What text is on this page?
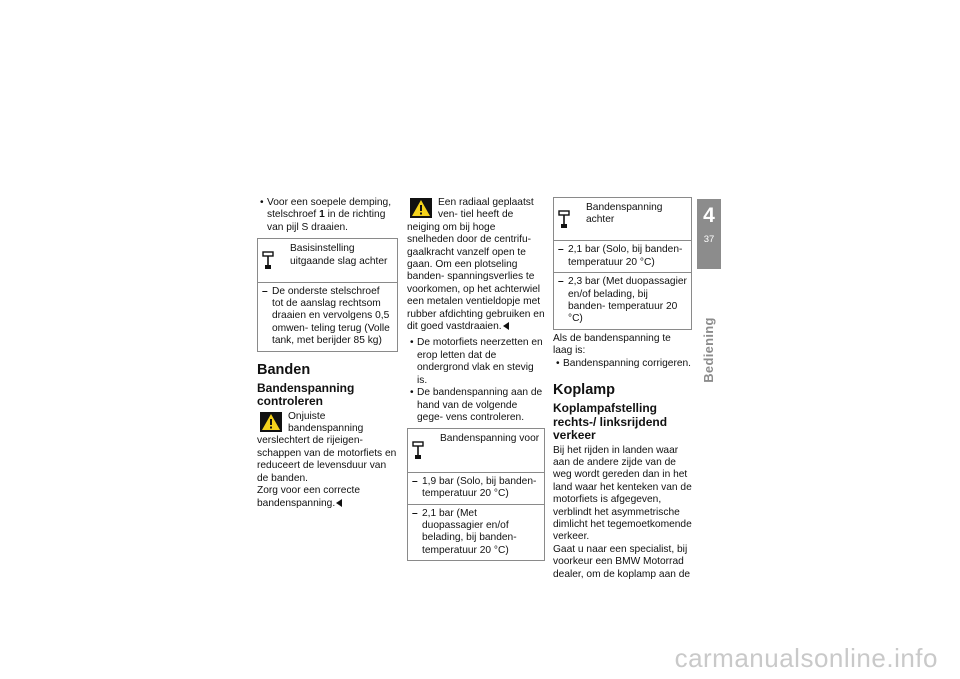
• Voor een soepele demping, stelschroef 1 in de richting van pijl S draaien.

Basisinstelling uitgaande slag achter
– De onderste stelschroef tot de aanslag rechtsom draaien en vervolgens 0,5 omwen- teling terug (Volle tank, met berijder 85 kg)
Banden
Bandenspanning controleren

Onjuiste bandenspanning verslechtert de rijeigen- schappen van de motorfiets en reduceert de levensduur van de banden.

Zorg voor een correcte bandenspanning.

Een radiaal geplaatst ven- tiel heeft de neiging om bij hoge snelheden door de centrifu- gaalkracht vanzelf open te gaan. Om een plotseling banden- spanningsverlies te voorkomen, op het achterwiel een metalen ventieldopje met rubber afdichting gebruiken en dit goed vastdraaien.

• De motorfiets neerzetten en erop letten dat de ondergrond vlak en stevig is.

• De bandenspanning aan de hand van de volgende gege- vens controleren.

Bandenspanning voor
– 1,9 bar (Solo, bij banden- temperatuur 20 °C)
– 2,1 bar (Met duopassagier en/of belading, bij banden- temperatuur 20 °C)
Bandenspanning achter
– 2,1 bar (Solo, bij banden- temperatuur 20 °C)
– 2,3 bar (Met duopassagier en/of belading, bij banden- temperatuur 20 °C)

Als de bandenspanning te laag is:

• Bandenspanning corrigeren.

Koplamp
Koplampafstelling rechts-/ linksrijdend verkeer

Bij het rijden in landen waar aan de andere zijde van de weg wordt gereden dan in het land waar het kenteken van de motorfiets is afgegeven, verblindt het asymmetrische dimlicht het tegemoetkomende verkeer.

Gaat u naar een specialist, bij voorkeur een BMW Motorrad dealer, om de koplamp aan de

4
37
Bediening
carmanualsonline.info
